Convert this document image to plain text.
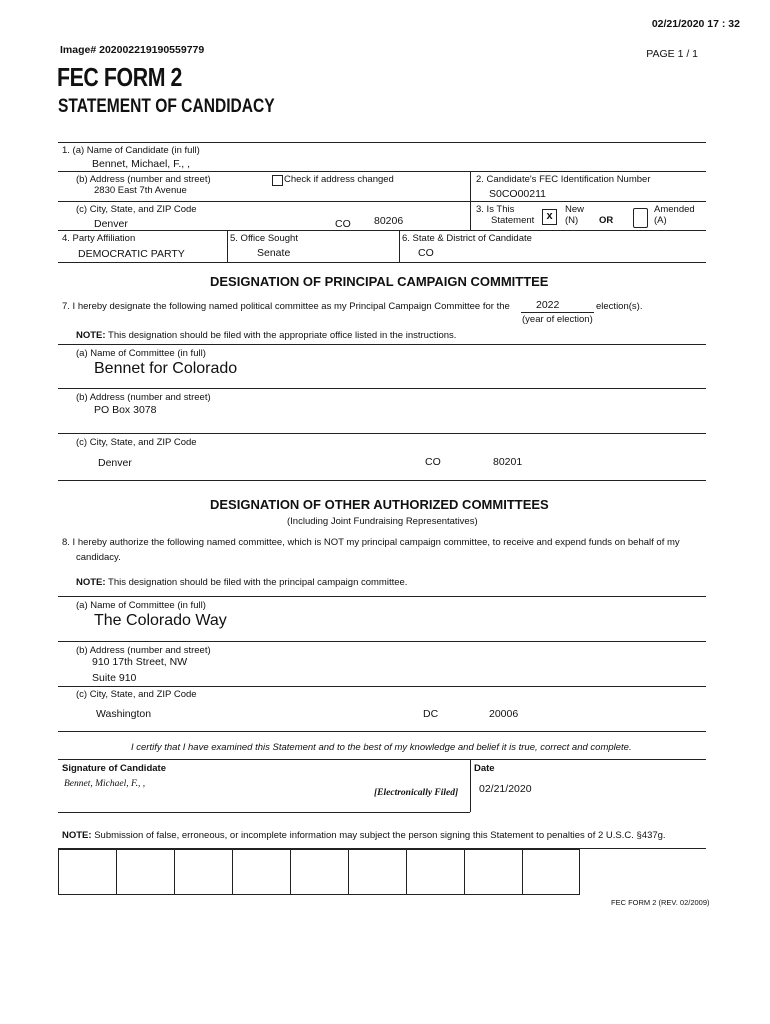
02/21/2020 17 : 32
Image# 202002219190559779	PAGE 1 / 1
FEC FORM 2
STATEMENT OF CANDIDACY
1. (a) Name of Candidate (in full)
Bennet, Michael, F., ,
(b) Address (number and street)	Check if address changed
2830 East 7th Avenue
2. Candidate's FEC Identification Number
S0CO00211
(c) City, State, and ZIP Code
Denver	CO 80206
3. Is This
Statement	x
New
(N) OR
Amended
(A)
4. Party Affiliation
DEMOCRATIC PARTY
5. Office Sought
Senate
6. State & District of Candidate
CO
DESIGNATION OF PRINCIPAL CAMPAIGN COMMITTEE
7. I hereby designate the following named political committee as my Principal Campaign Committee for the 2022	election(s).
(year of election)
NOTE: This designation should be filed with the appropriate office listed in the instructions.
(a) Name of Committee (in full)
Bennet for Colorado
(b) Address (number and street)
PO Box 3078
(c) City, State, and ZIP Code
Denver	CO	80201
DESIGNATION OF OTHER AUTHORIZED COMMITTEES
(Including Joint Fundraising Representatives)
8. I hereby authorize the following named committee, which is NOT my principal campaign committee, to receive and expend funds on behalf of my
candidacy.
NOTE: This designation should be filed with the principal campaign committee.
(a) Name of Committee (in full)
The Colorado Way
(b) Address (number and street)
910 17th Street, NW
Suite 910
(c) City, State, and ZIP Code
Washington	DC	20006
I certify that I have examined this Statement and to the best of my knowledge and belief it is true, correct and complete.
Signature of Candidate
Bennet, Michael, F., ,
[Electronically Filed]
Date
02/21/2020
NOTE: Submission of false, erroneous, or incomplete information may subject the person signing this Statement to penalties of 2 U.S.C. §437g.
FEC FORM 2 (REV. 02/2009)
